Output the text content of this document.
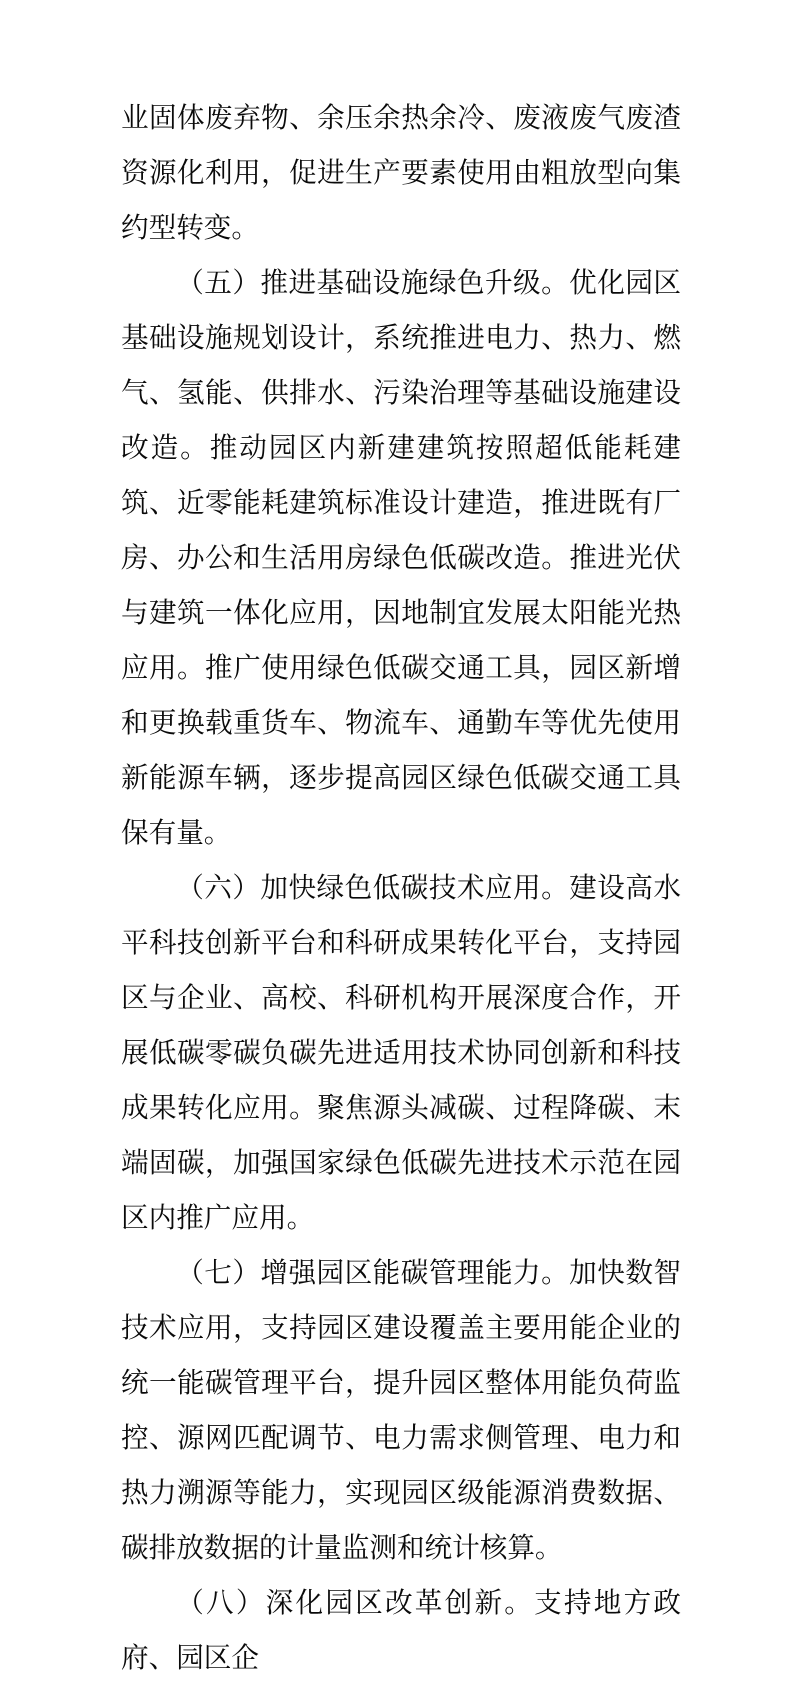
业固体废弃物、余压余热余冷、废液废气废渣资源化利用，促进生产要素使用由粗放型向集约型转变。

（五）推进基础设施绿色升级。优化园区基础设施规划设计，系统推进电力、热力、燃气、氢能、供排水、污染治理等基础设施建设改造。推动园区内新建建筑按照超低能耗建筑、近零能耗建筑标准设计建造，推进既有厂房、办公和生活用房绿色低碳改造。推进光伏与建筑一体化应用，因地制宜发展太阳能光热应用。推广使用绿色低碳交通工具，园区新增和更换载重货车、物流车、通勤车等优先使用新能源车辆，逐步提高园区绿色低碳交通工具保有量。

（六）加快绿色低碳技术应用。建设高水平科技创新平台和科研成果转化平台，支持园区与企业、高校、科研机构开展深度合作，开展低碳零碳负碳先进适用技术协同创新和科技成果转化应用。聚焦源头减碳、过程降碳、末端固碳，加强国家绿色低碳先进技术示范在园区内推广应用。

（七）增强园区能碳管理能力。加快数智技术应用，支持园区建设覆盖主要用能企业的统一能碳管理平台，提升园区整体用能负荷监控、源网匹配调节、电力需求侧管理、电力和热力溯源等能力，实现园区级能源消费数据、碳排放数据的计量监测和统计核算。

（八）深化园区改革创新。支持地方政府、园区企
